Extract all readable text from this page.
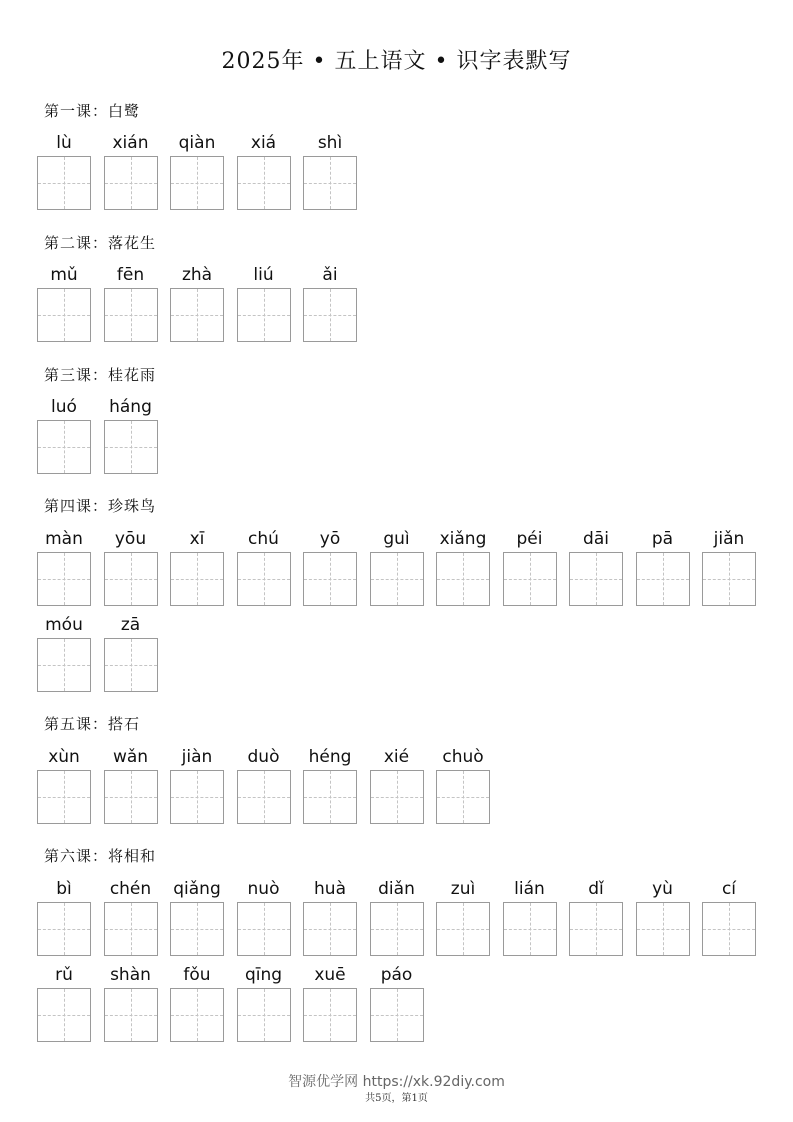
2025年 • 五上语文 • 识字表默写
第一课：白鹭
lù	xián	qiàn	xiá	shì
第二课：落花生
mǔ	fēn	zhà	liú	ǎi
第三课：桂花雨
luó	háng
第四课：珍珠鸟
màn	yōu	xī	chú	yō	guì	xiǎng	péi	dāi	pā	jiǎn
móu	zā
第五课：搭石
xùn	wǎn	jiàn	duò	héng	xié	chuò
第六课：将相和
bì	chén	qiǎng	nuò	huà	diǎn	zuì	lián	dǐ	yù	cí
rǔ	shàn	fǒu	qīng	xuē	páo
智源优学网 https://xk.92diy.com
共5页，第1页
